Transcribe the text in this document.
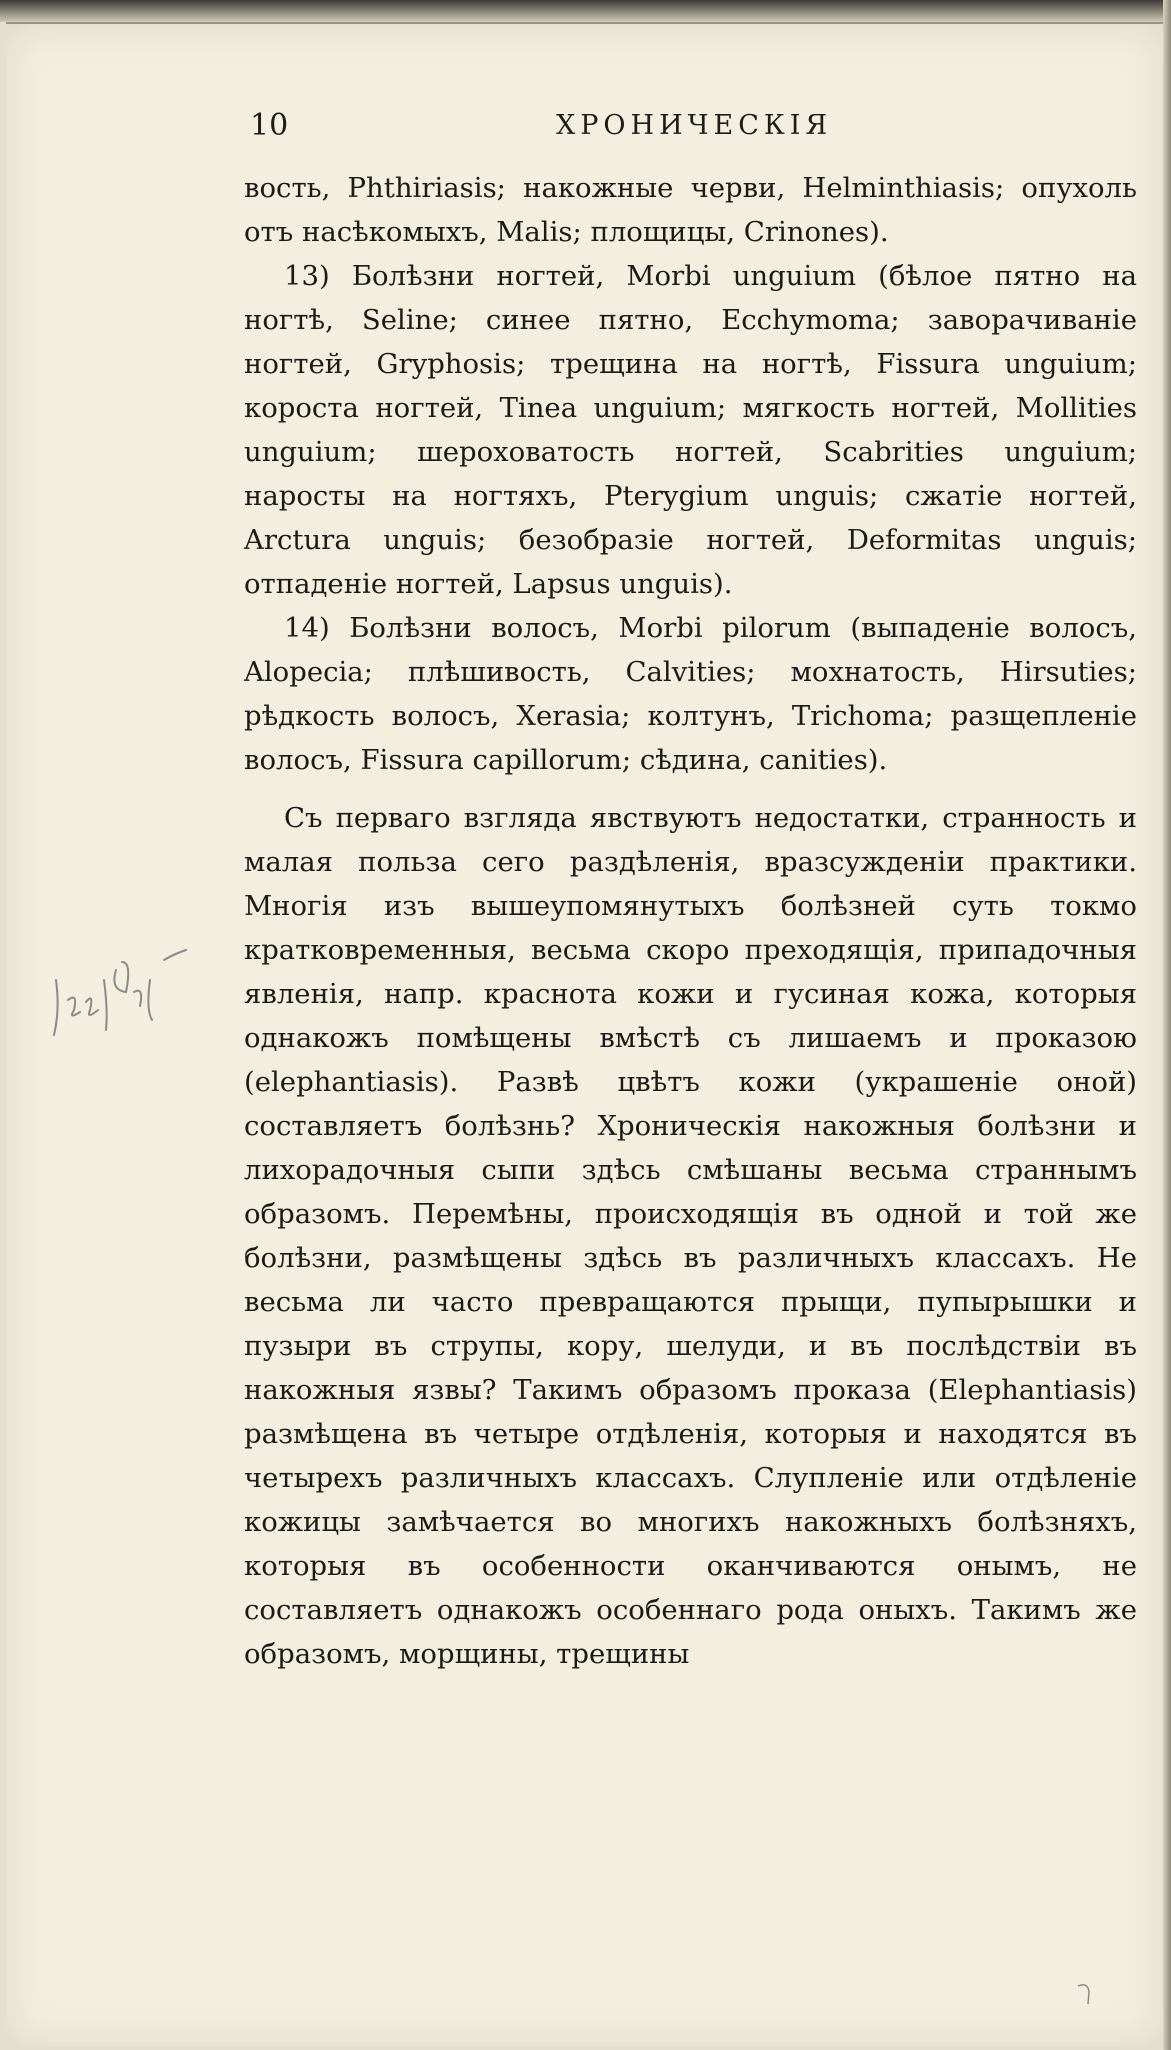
10	ХРОНИЧЕСКІЯ

вость, Phthiriasis; накожные черви, Helminthiasis; опухоль отъ насѣкомыхъ, Malis; площицы, Crinones).

13) Болѣзни ногтей, Morbi unguium (бѣлое пятно на ногтѣ, Seline; синее пятно, Ecchymoma; заворачиваніе ногтей, Gryphosis; трещина на ногтѣ, Fissura unguium; короста ногтей, Tinea unguium; мягкость ногтей, Mollities unguium; шероховатость ногтей, Scabrities unguium; наросты на ногтяхъ, Pterygium unguis; сжатіе ногтей, Arctura unguis; безобразіе ногтей, Deformitas unguis; отпаденіе ногтей, Lapsus unguis).

14) Болѣзни волосъ, Morbi pilorum (выпаденіе волосъ, Alopecia; плѣшивость, Calvities; мохнатость, Hirsuties; рѣдкость волосъ, Xerasia; колтунъ, Trichoma; разщепленіе волосъ, Fissura capillorum; сѣдина, canities).

Съ перваго взгляда явствуютъ недостатки, странность и малая польза сего раздѣленія, вразсужденіи практики. Многія изъ вышеупомянутыхъ болѣзней суть токмо кратковременныя, весьма скоро преходящія, припадочныя явленія, напр. краснота кожи и гусиная кожа, которыя однакожъ помѣщены вмѣстѣ съ лишаемъ и проказою (elephantiasis). Развѣ цвѣтъ кожи (украшеніе оной) составляетъ болѣзнь? Хроническія накожныя болѣзни и лихорадочныя сыпи здѣсь смѣшаны весьма страннымъ образомъ. Перемѣны, происходящія въ одной и той же болѣзни, размѣщены здѣсь въ различныхъ классахъ. Не весьма ли часто превращаются прыщи, пупырышки и пузыри въ струпы, кору, шелуди, и въ послѣдствіи въ накожныя язвы? Такимъ образомъ проказа (Elephantiasis) размѣщена въ четыре отдѣленія, которыя и находятся въ четырехъ различныхъ классахъ. Слупленіе или отдѣленіе кожицы замѣчается во многихъ накожныхъ болѣзняхъ, которыя въ особенности оканчиваются онымъ, не составляетъ однакожъ особеннаго рода оныхъ. Такимъ же образомъ, морщины, трещины
